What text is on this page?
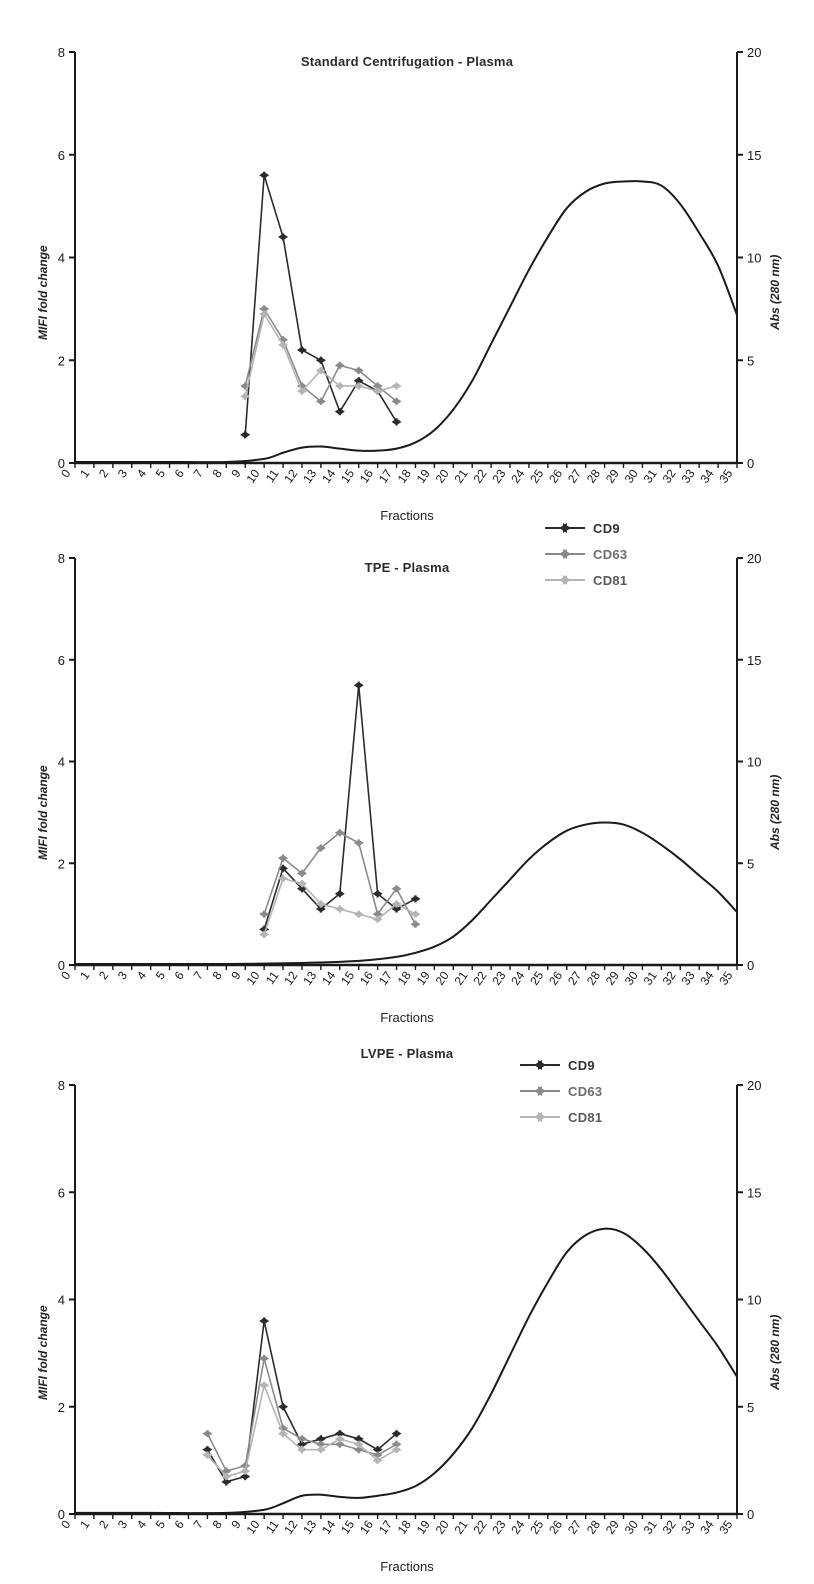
Standard Centrifugation - Plasma
MIFI fold change	Abs (280 nm)
Fractions
0
2
4
6
8
0
5
10
15
20
0 1 2 3 4 5 6 7 8 9 10 11 12 13 14 15 16 17 18 19 20 21 22 23 24 25 26 27 28 29 30 31 32 33 34 35
CD9
CD63
CD81
TPE - Plasma
MIFI fold change	Abs (280 nm)
Fractions
0
2
4
6
8
0
5
10
15
20
0 1 2 3 4 5 6 7 8 9 10 11 12 13 14 15 16 17 18 19 20 21 22 23 24 25 26 27 28 29 30 31 32 33 34 35
LVPE - Plasma
MIFI fold change	Abs (280 nm)
Fractions
0
2
4
6
8
0
5
10
15
20
0 1 2 3 4 5 6 7 8 9 10 11 12 13 14 15 16 17 18 19 20 21 22 23 24 25 26 27 28 29 30 31 32 33 34 35
CD9
CD63
CD81
